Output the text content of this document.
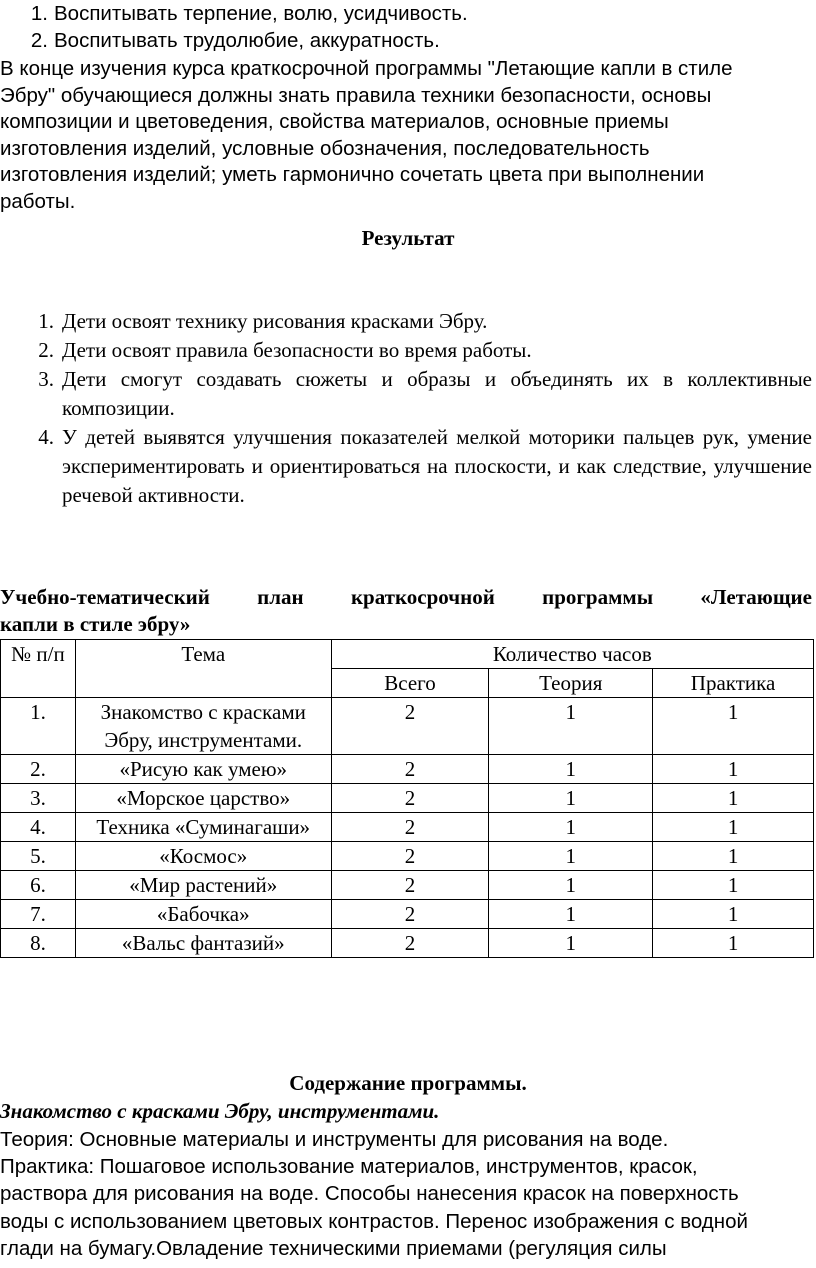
1. Воспитывать терпение, волю, усидчивость.
2. Воспитывать трудолюбие, аккуратность.
В конце изучения курса краткосрочной программы "Летающие капли в стиле
Эбру" обучающиеся должны знать правила техники безопасности, основы
композиции и цветоведения, свойства материалов, основные приемы
изготовления изделий, условные обозначения, последовательность
изготовления изделий; уметь гармонично сочетать цвета при выполнении
работы.
Результат
1. Дети освоят технику рисования красками Эбру.
2. Дети освоят правила безопасности во время работы.
3. Дети смогут создавать сюжеты и образы и объединять их в коллективные композиции.
4. У детей выявятся улучшения показателей мелкой моторики пальцев рук, умение экспериментировать и ориентироваться на плоскости, и как следствие, улучшение речевой активности.
Учебно-тематический план краткосрочной программы «Летающие
капли в стиле эбру»
№ п/п	Тема	Количество часов		
		Всего	Теория	Практика
1.	Знакомство с красками Эбру, инструментами.	2	1	1
2.	«Рисую как умею»	2	1	1
3.	«Морское царство»	2	1	1
4.	Техника «Суминагаши»	2	1	1
5.	«Космос»	2	1	1
6.	«Мир растений»	2	1	1
7.	«Бабочка»	2	1	1
8.	«Вальс фантазий»	2	1	1
Содержание программы.
Знакомство с красками Эбру, инструментами.
Теория: Основные материалы и инструменты для рисования на воде.
Практика: Пошаговое использование материалов, инструментов, красок,
раствора для рисования на воде. Способы нанесения красок на поверхность
воды с использованием цветовых контрастов. Перенос изображения с водной
глади на бумагу.Овладение техническими приемами (регуляция силы
